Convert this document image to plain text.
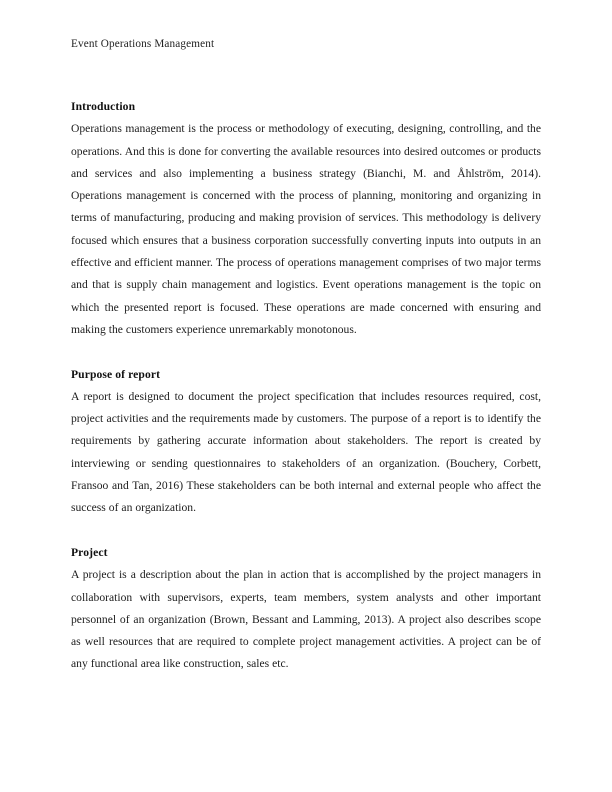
Event Operations Management
Introduction

Operations management is the process or methodology of executing, designing, controlling, and the operations. And this is done for converting the available resources into desired outcomes or products and services and also implementing a business strategy (Bianchi, M. and Åhlström, 2014). Operations management is concerned with the process of planning, monitoring and organizing in terms of manufacturing, producing and making provision of services. This methodology is delivery focused which ensures that a business corporation successfully converting inputs into outputs in an effective and efficient manner. The process of operations management comprises of two major terms and that is supply chain management and logistics. Event operations management is the topic on which the presented report is focused. These operations are made concerned with ensuring and making the customers experience unremarkably monotonous.

Purpose of report

A report is designed to document the project specification that includes resources required, cost, project activities and the requirements made by customers. The purpose of a report is to identify the requirements by gathering accurate information about stakeholders. The report is created by interviewing or sending questionnaires to stakeholders of an organization. (Bouchery, Corbett, Fransoo and Tan, 2016) These stakeholders can be both internal and external people who affect the success of an organization.

Project

A project is a description about the plan in action that is accomplished by the project managers in collaboration with supervisors, experts, team members, system analysts and other important personnel of an organization (Brown, Bessant and Lamming, 2013). A project also describes scope as well resources that are required to complete project management activities. A project can be of any functional area like construction, sales etc.
